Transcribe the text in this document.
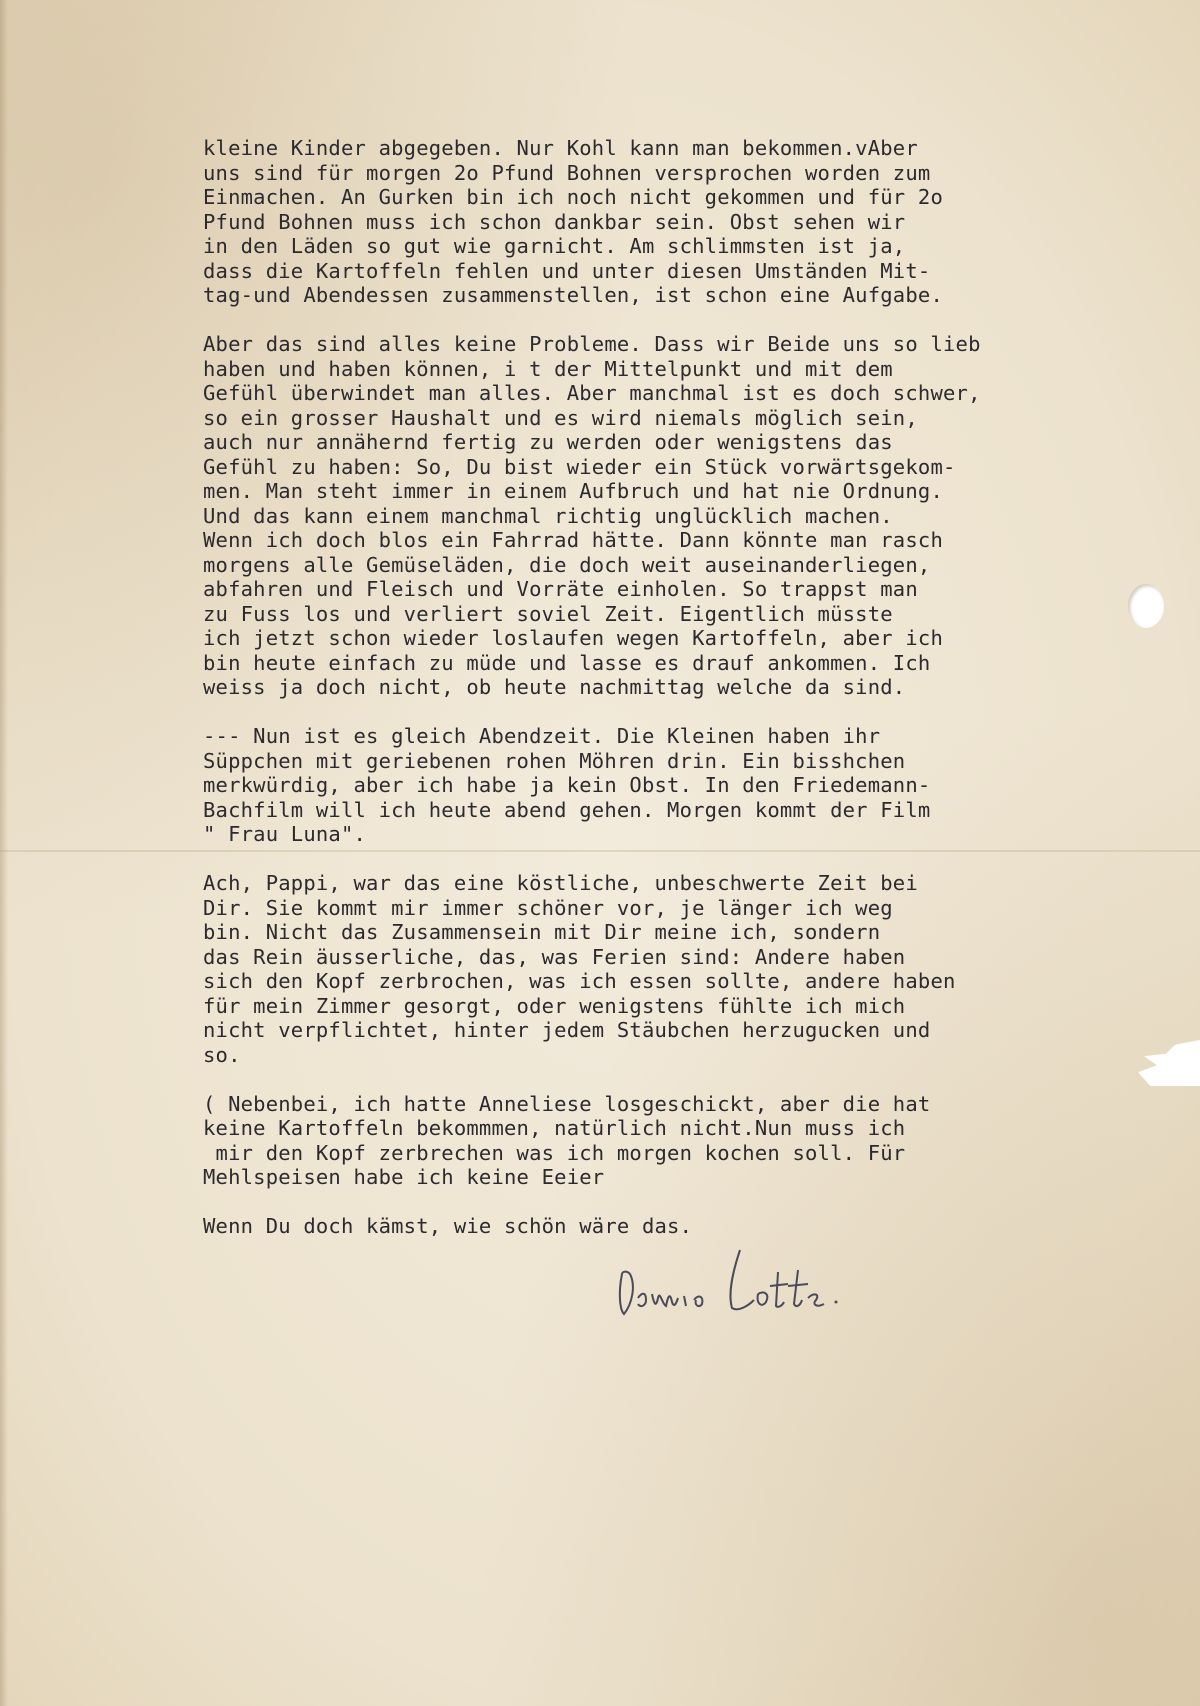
kleine Kinder abgegeben. Nur Kohl kann man bekommen.vAber
uns sind für morgen 2o Pfund Bohnen versprochen worden zum
Einmachen. An Gurken bin ich noch nicht gekommen und für 2o
Pfund Bohnen muss ich schon dankbar sein. Obst sehen wir
in den Läden so gut wie garnicht. Am schlimmsten ist ja,
dass die Kartoffeln fehlen und unter diesen Umständen Mit-
tag-und Abendessen zusammenstellen, ist schon eine Aufgabe.
Aber das sind alles keine Probleme. Dass wir Beide uns so lieb
haben und haben können, i t der Mittelpunkt und mit dem
Gefühl überwindet man alles. Aber manchmal ist es doch schwer,
so ein grosser Haushalt und es wird niemals möglich sein,
auch nur annähernd fertig zu werden oder wenigstens das
Gefühl zu haben: So, Du bist wieder ein Stück vorwärtsgekom-
men. Man steht immer in einem Aufbruch und hat nie Ordnung.
Und das kann einem manchmal richtig unglücklich machen.
Wenn ich doch blos ein Fahrrad hätte. Dann könnte man rasch
morgens alle Gemüseläden, die doch weit auseinanderliegen,
abfahren und Fleisch und Vorräte einholen. So trappst man
zu Fuss los und verliert soviel Zeit. Eigentlich müsste
ich jetzt schon wieder loslaufen wegen Kartoffeln, aber ich
bin heute einfach zu müde und lasse es drauf ankommen. Ich
weiss ja doch nicht, ob heute nachmittag welche da sind.
--- Nun ist es gleich Abendzeit. Die Kleinen haben ihr
Süppchen mit geriebenen rohen Möhren drin. Ein bisshchen
merkwürdig, aber ich habe ja kein Obst. In den Friedemann-
Bachfilm will ich heute abend gehen. Morgen kommt der Film
" Frau Luna".
Ach, Pappi, war das eine köstliche, unbeschwerte Zeit bei
Dir. Sie kommt mir immer schöner vor, je länger ich weg
bin. Nicht das Zusammensein mit Dir meine ich, sondern
das Rein äusserliche, das, was Ferien sind: Andere haben
sich den Kopf zerbrochen, was ich essen sollte, andere haben
für mein Zimmer gesorgt, oder wenigstens fühlte ich mich
nicht verpflichtet, hinter jedem Stäubchen herzugucken und
so.
( Nebenbei, ich hatte Anneliese losgeschickt, aber die hat
keine Kartoffeln bekommmen, natürlich nicht.Nun muss ich
mir den Kopf zerbrechen was ich morgen kochen soll. Für
Mehlspeisen habe ich keine Eeier
Wenn Du doch kämst, wie schön wäre das.
